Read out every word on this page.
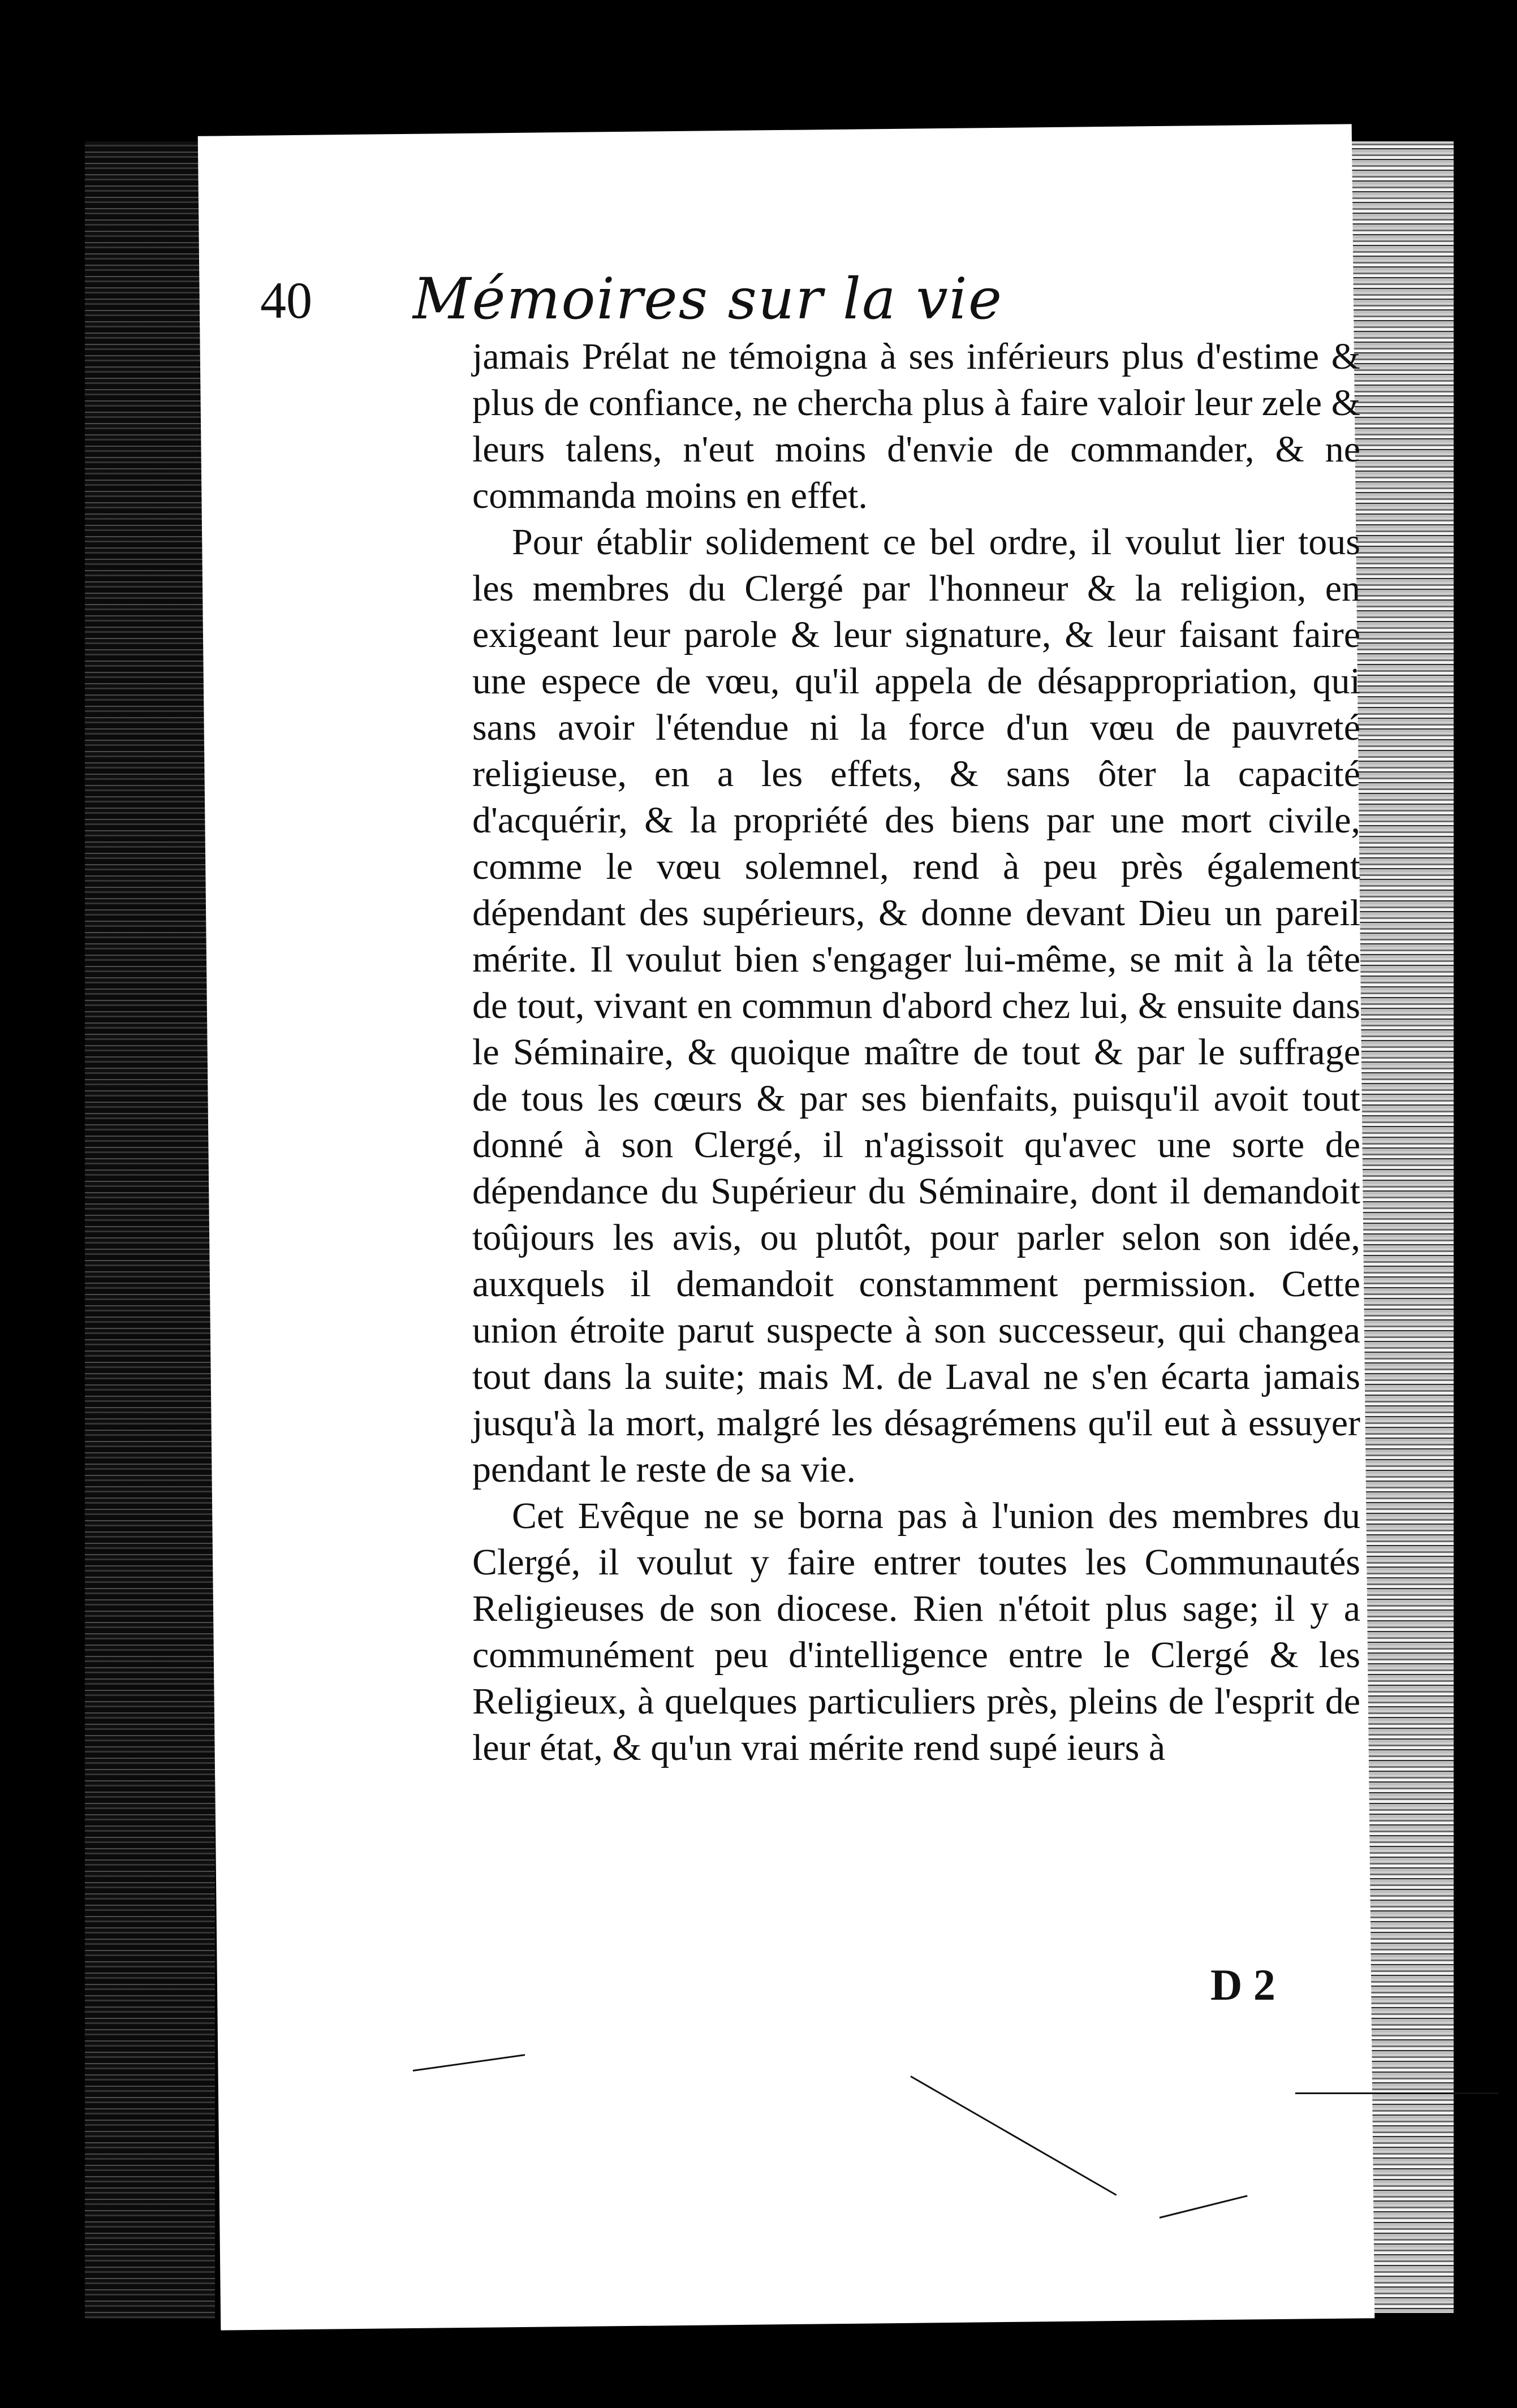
40 Mémoires sur la vie

jamais Prélat ne témoigna à ses inférieurs plus d'estime & plus de confiance, ne chercha plus à faire valoir leur zele & leurs talens, n'eut moins d'envie de commander, & ne commanda moins en effet.

Pour établir solidement ce bel ordre, il voulut lier tous les membres du Clergé par l'honneur & la religion, en exigeant leur parole & leur signature, & leur faisant faire une espece de vœu, qu'il appela de désappropriation, qui sans avoir l'étendue ni la force d'un vœu de pauvreté religieuse, en a les effets, & sans ôter la capacité d'acquérir, & la propriété des biens par une mort civile, comme le vœu solemnel, rend à peu près également dépendant des supérieurs, & donne devant Dieu un pareil mérite. Il voulut bien s'engager lui-même, se mit à la tête de tout, vivant en commun d'abord chez lui, & ensuite dans le Séminaire, & quoique maître de tout & par le suffrage de tous les cœurs & par ses bienfaits, puisqu'il avoit tout donné à son Clergé, il n'agissoit qu'avec une sorte de dépendance du Supérieur du Séminaire, dont il demandoit toûjours les avis, ou plutôt, pour parler selon son idée, auxquels il demandoit constamment permission. Cette union étroite parut suspecte à son successeur, qui changea tout dans la suite; mais M. de Laval ne s'en écarta jamais jusqu'à la mort, malgré les désagrémens qu'il eut à essuyer pendant le reste de sa vie.

Cet Evêque ne se borna pas à l'union des membres du Clergé, il voulut y faire entrer toutes les Communautés Religieuses de son diocese. Rien n'étoit plus sage; il y a communément peu d'intelligence entre le Clergé & les Religieux, à quelques particuliers près, pleins de l'esprit de leur état, & qu'un vrai mérite rend supé ieurs à

D 2
